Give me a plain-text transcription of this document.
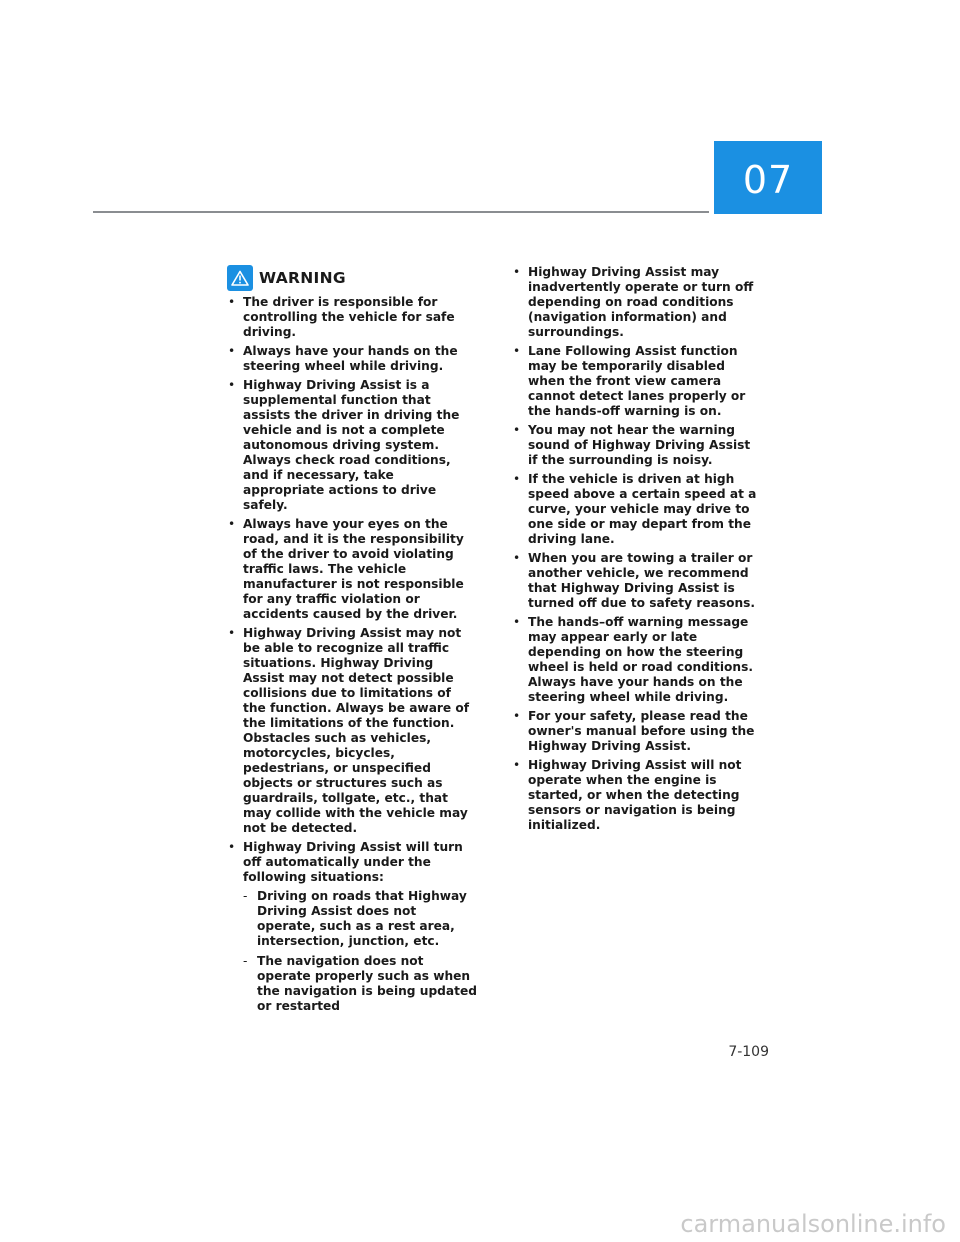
07
WARNING
• The driver is responsible for controlling the vehicle for safe driving.
• Always have your hands on the steering wheel while driving.
• Highway Driving Assist is a supplemental function that assists the driver in driving the vehicle and is not a complete autonomous driving system. Always check road conditions, and if necessary, take appropriate actions to drive safely.
• Always have your eyes on the road, and it is the responsibility of the driver to avoid violating traffic laws. The vehicle manufacturer is not responsible for any traffic violation or accidents caused by the driver.
• Highway Driving Assist may not be able to recognize all traffic situations. Highway Driving Assist may not detect possible collisions due to limitations of the function. Always be aware of the limitations of the function. Obstacles such as vehicles, motorcycles, bicycles, pedestrians, or unspecified objects or structures such as guardrails, tollgate, etc., that may collide with the vehicle may not be detected.
• Highway Driving Assist will turn off automatically under the following situations:
- Driving on roads that Highway Driving Assist does not operate, such as a rest area, intersection, junction, etc.
- The navigation does not operate properly such as when the navigation is being updated or restarted
• Highway Driving Assist may inadvertently operate or turn off depending on road conditions (navigation information) and surroundings.
• Lane Following Assist function may be temporarily disabled when the front view camera cannot detect lanes properly or the hands-off warning is on.
• You may not hear the warning sound of Highway Driving Assist if the surrounding is noisy.
• If the vehicle is driven at high speed above a certain speed at a curve, your vehicle may drive to one side or may depart from the driving lane.
• When you are towing a trailer or another vehicle, we recommend that Highway Driving Assist is turned off due to safety reasons.
• The hands–off warning message may appear early or late depending on how the steering wheel is held or road conditions. Always have your hands on the steering wheel while driving.
• For your safety, please read the owner's manual before using the Highway Driving Assist.
• Highway Driving Assist will not operate when the engine is started, or when the detecting sensors or navigation is being initialized.
7-109
carmanualsonline.info
